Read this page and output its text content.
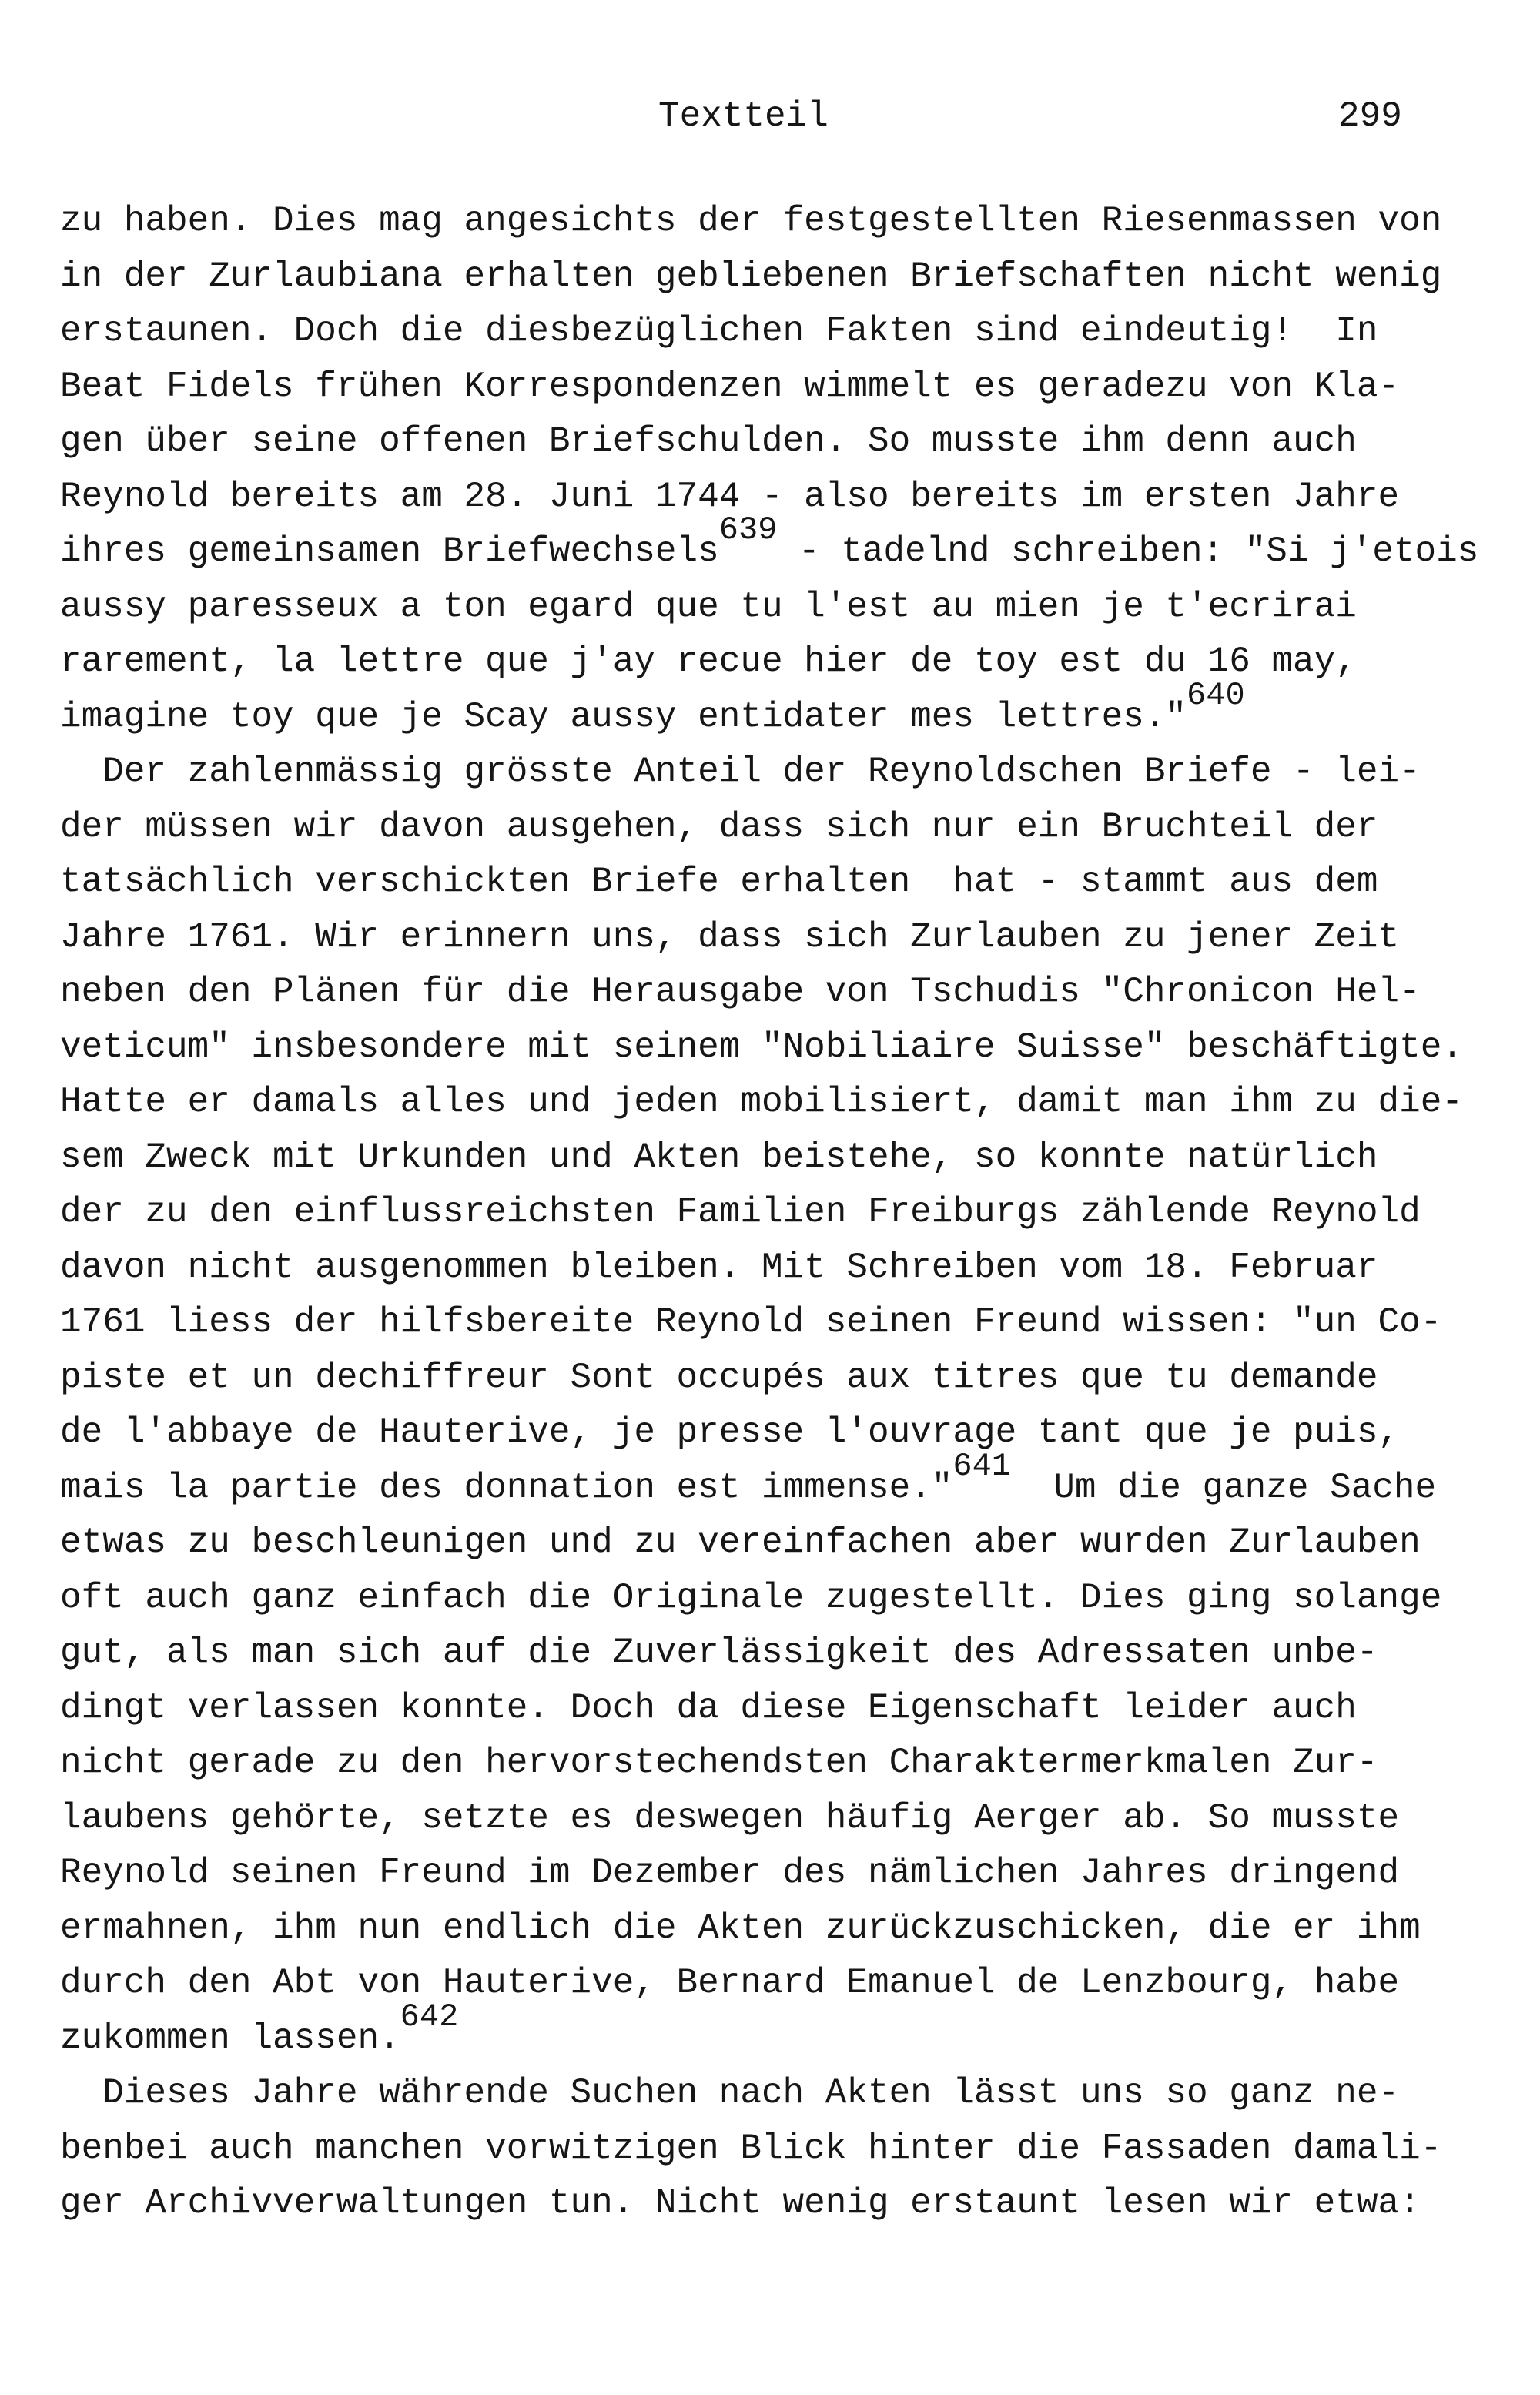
Textteil	299
zu haben. Dies mag angesichts der festgestellten Riesenmassen von
in der Zurlaubiana erhalten gebliebenen Briefschaften nicht wenig
erstaunen. Doch die diesbezüglichen Fakten sind eindeutig!  In
Beat Fidels frühen Korrespondenzen wimmelt es geradezu von Kla-
gen über seine offenen Briefschulden. So musste ihm denn auch
Reynold bereits am 28. Juni 1744 - also bereits im ersten Jahre
ihres gemeinsamen Briefwechsels639 - tadelnd schreiben: "Si j'etois
aussy paresseux a ton egard que tu l'est au mien je t'ecrirai
rarement, la lettre que j'ay recue hier de toy est du 16 may,
imagine toy que je Scay aussy entidater mes lettres."640
Der zahlenmässig grösste Anteil der Reynoldschen Briefe - lei-
der müssen wir davon ausgehen, dass sich nur ein Bruchteil der
tatsächlich verschickten Briefe erhalten  hat - stammt aus dem
Jahre 1761. Wir erinnern uns, dass sich Zurlauben zu jener Zeit
neben den Plänen für die Herausgabe von Tschudis "Chronicon Hel-
veticum" insbesondere mit seinem "Nobiliaire Suisse" beschäftigte.
Hatte er damals alles und jeden mobilisiert, damit man ihm zu die-
sem Zweck mit Urkunden und Akten beistehe, so konnte natürlich
der zu den einflussreichsten Familien Freiburgs zählende Reynold
davon nicht ausgenommen bleiben. Mit Schreiben vom 18. Februar
1761 liess der hilfsbereite Reynold seinen Freund wissen: "un Co-
piste et un dechiffreur Sont occupés aux titres que tu demande
de l'abbaye de Hauterive, je presse l'ouvrage tant que je puis,
mais la partie des donnation est immense."641  Um die ganze Sache
etwas zu beschleunigen und zu vereinfachen aber wurden Zurlauben
oft auch ganz einfach die Originale zugestellt. Dies ging solange
gut, als man sich auf die Zuverlässigkeit des Adressaten unbe-
dingt verlassen konnte. Doch da diese Eigenschaft leider auch
nicht gerade zu den hervorstechendsten Charaktermerkmalen Zur-
laubens gehörte, setzte es deswegen häufig Aerger ab. So musste
Reynold seinen Freund im Dezember des nämlichen Jahres dringend
ermahnen, ihm nun endlich die Akten zurückzuschicken, die er ihm
durch den Abt von Hauterive, Bernard Emanuel de Lenzbourg, habe
zukommen lassen.642
Dieses Jahre währende Suchen nach Akten lässt uns so ganz ne-
benbei auch manchen vorwitzigen Blick hinter die Fassaden damali-
ger Archivverwaltungen tun. Nicht wenig erstaunt lesen wir etwa:
